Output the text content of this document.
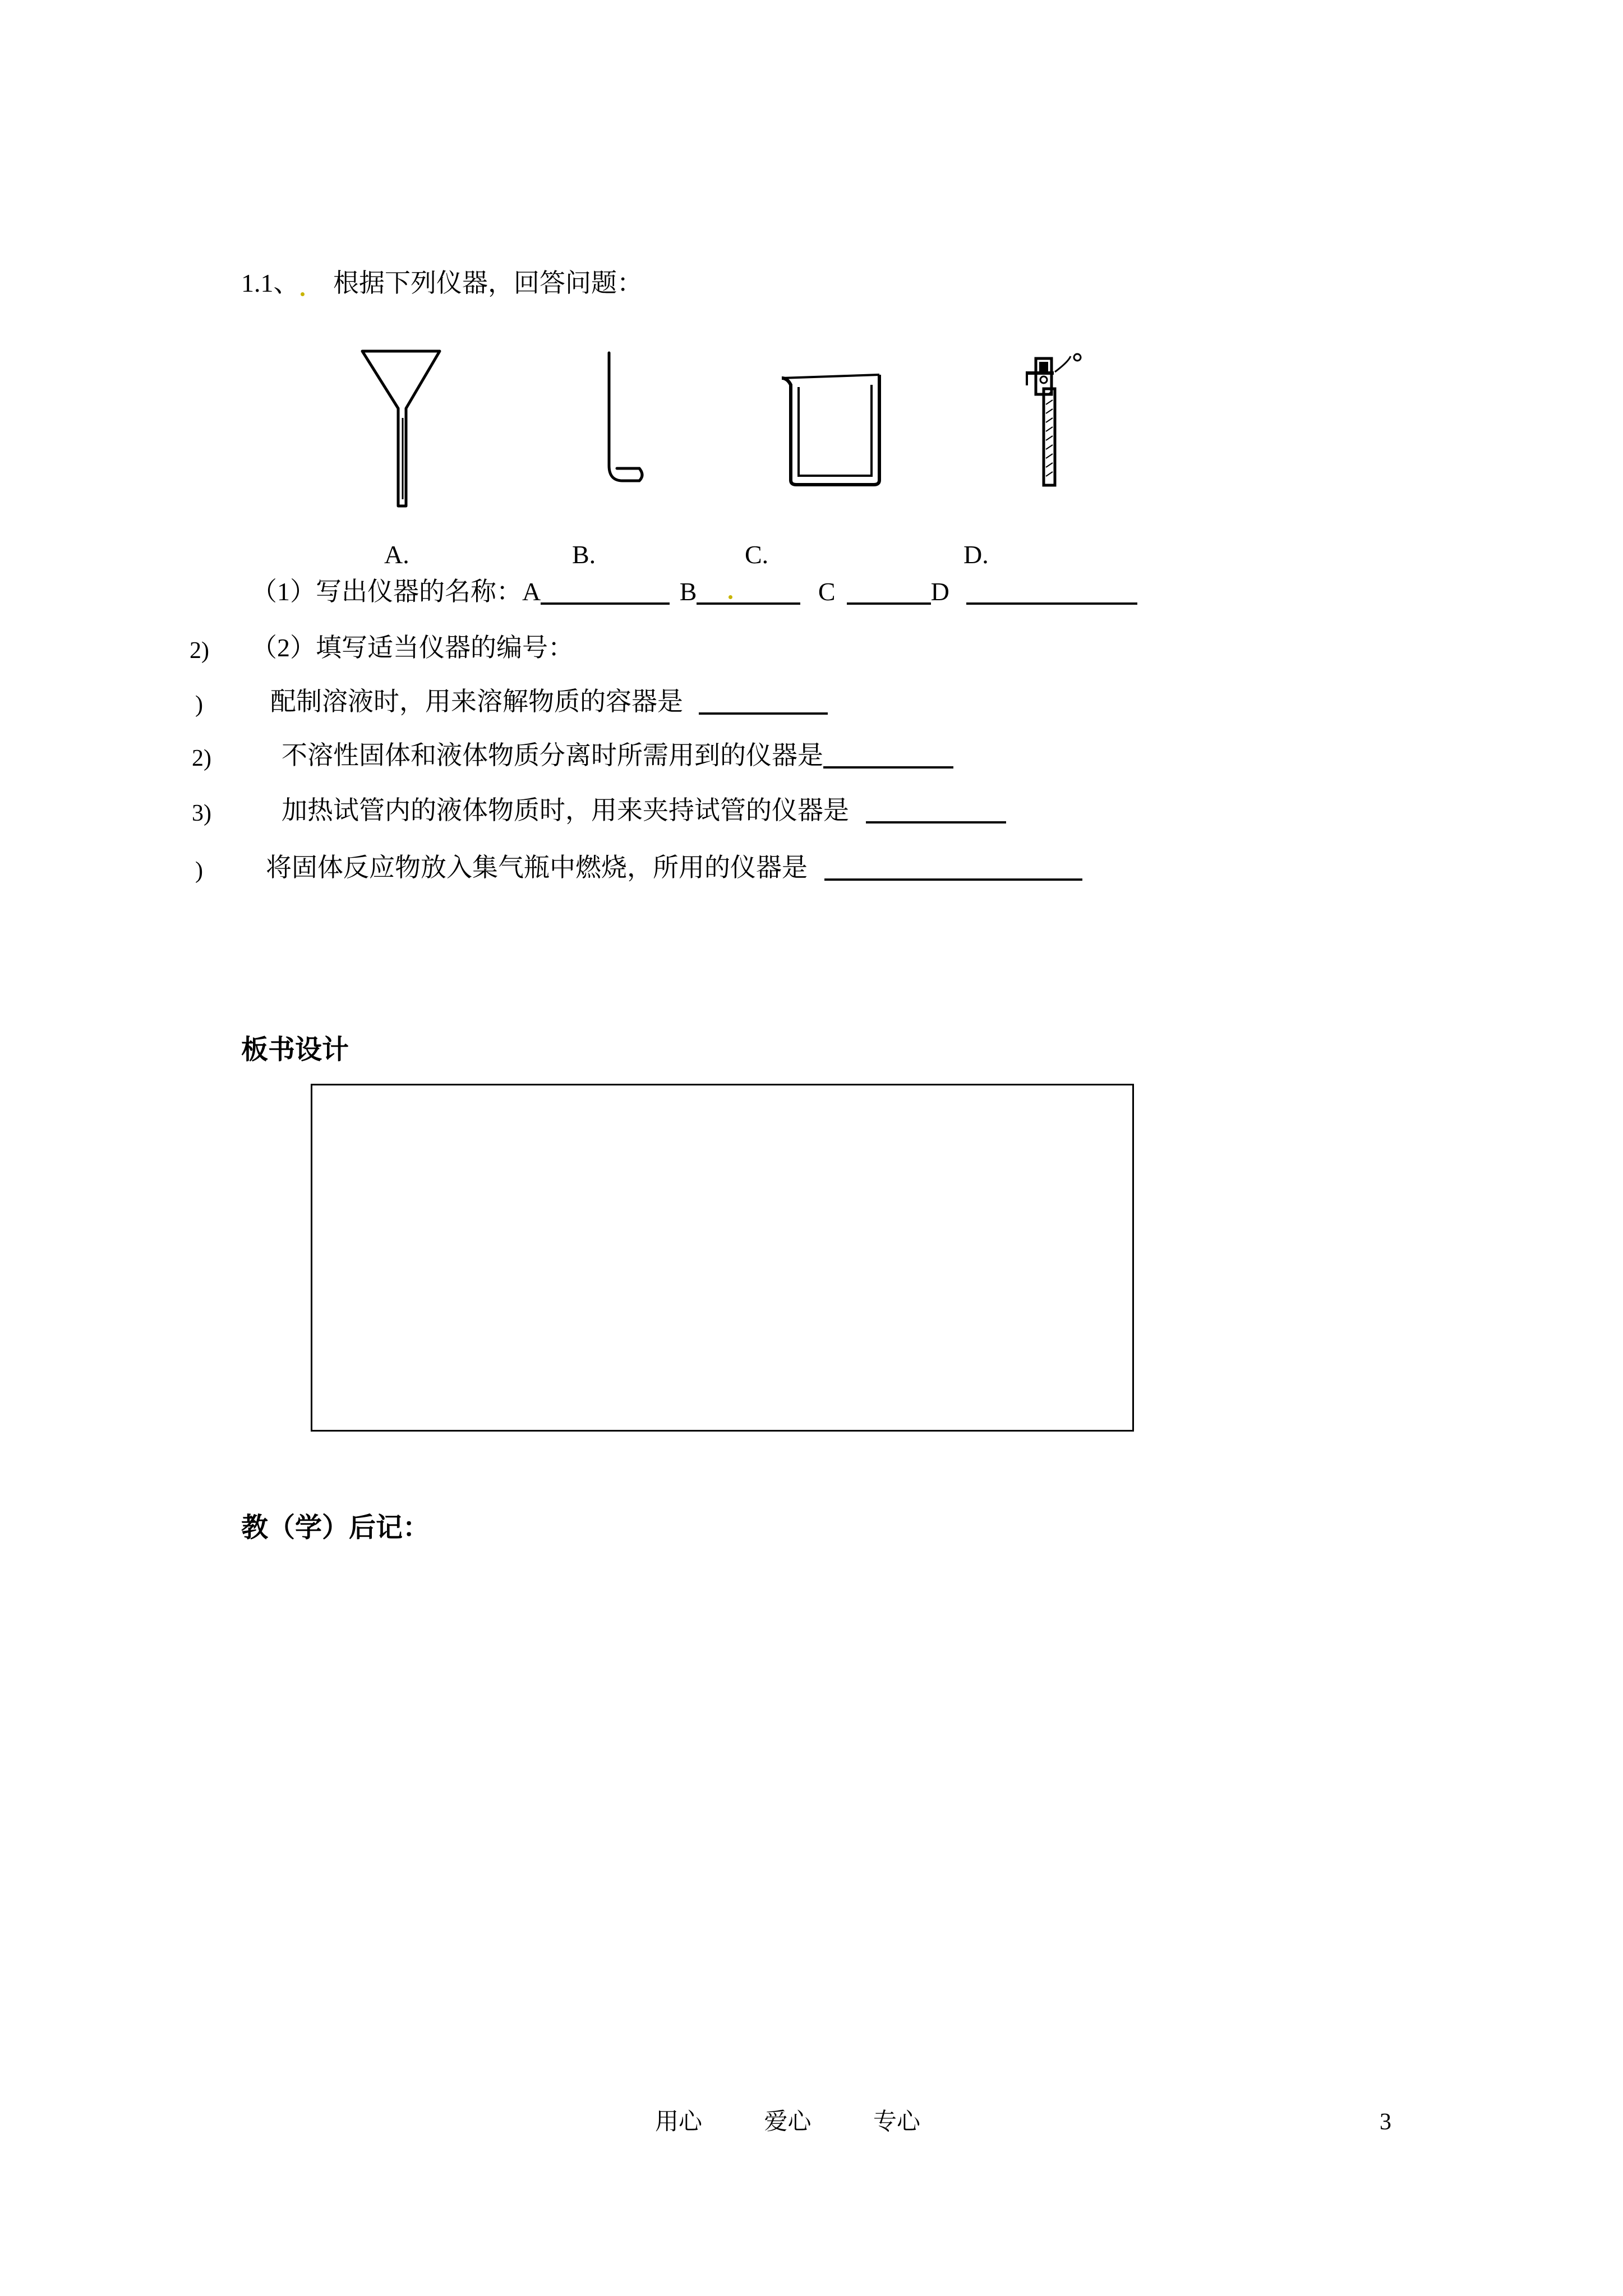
1.1、 根据下列仪器，回答问题：
A.	B.	C.	D.
（1）写出仪器的名称：A	B	C	D
2) （2）填写适当仪器的编号：
)	配制溶液时，用来溶解物质的容器是
2)	不溶性固体和液体物质分离时所需用到的仪器是
3)	加热试管内的液体物质时，用来夹持试管的仪器是
) 将固体反应物放入集气瓶中燃烧，所用的仪器是
板书设计
教（学）后记：
用心	爱心	专心	3
